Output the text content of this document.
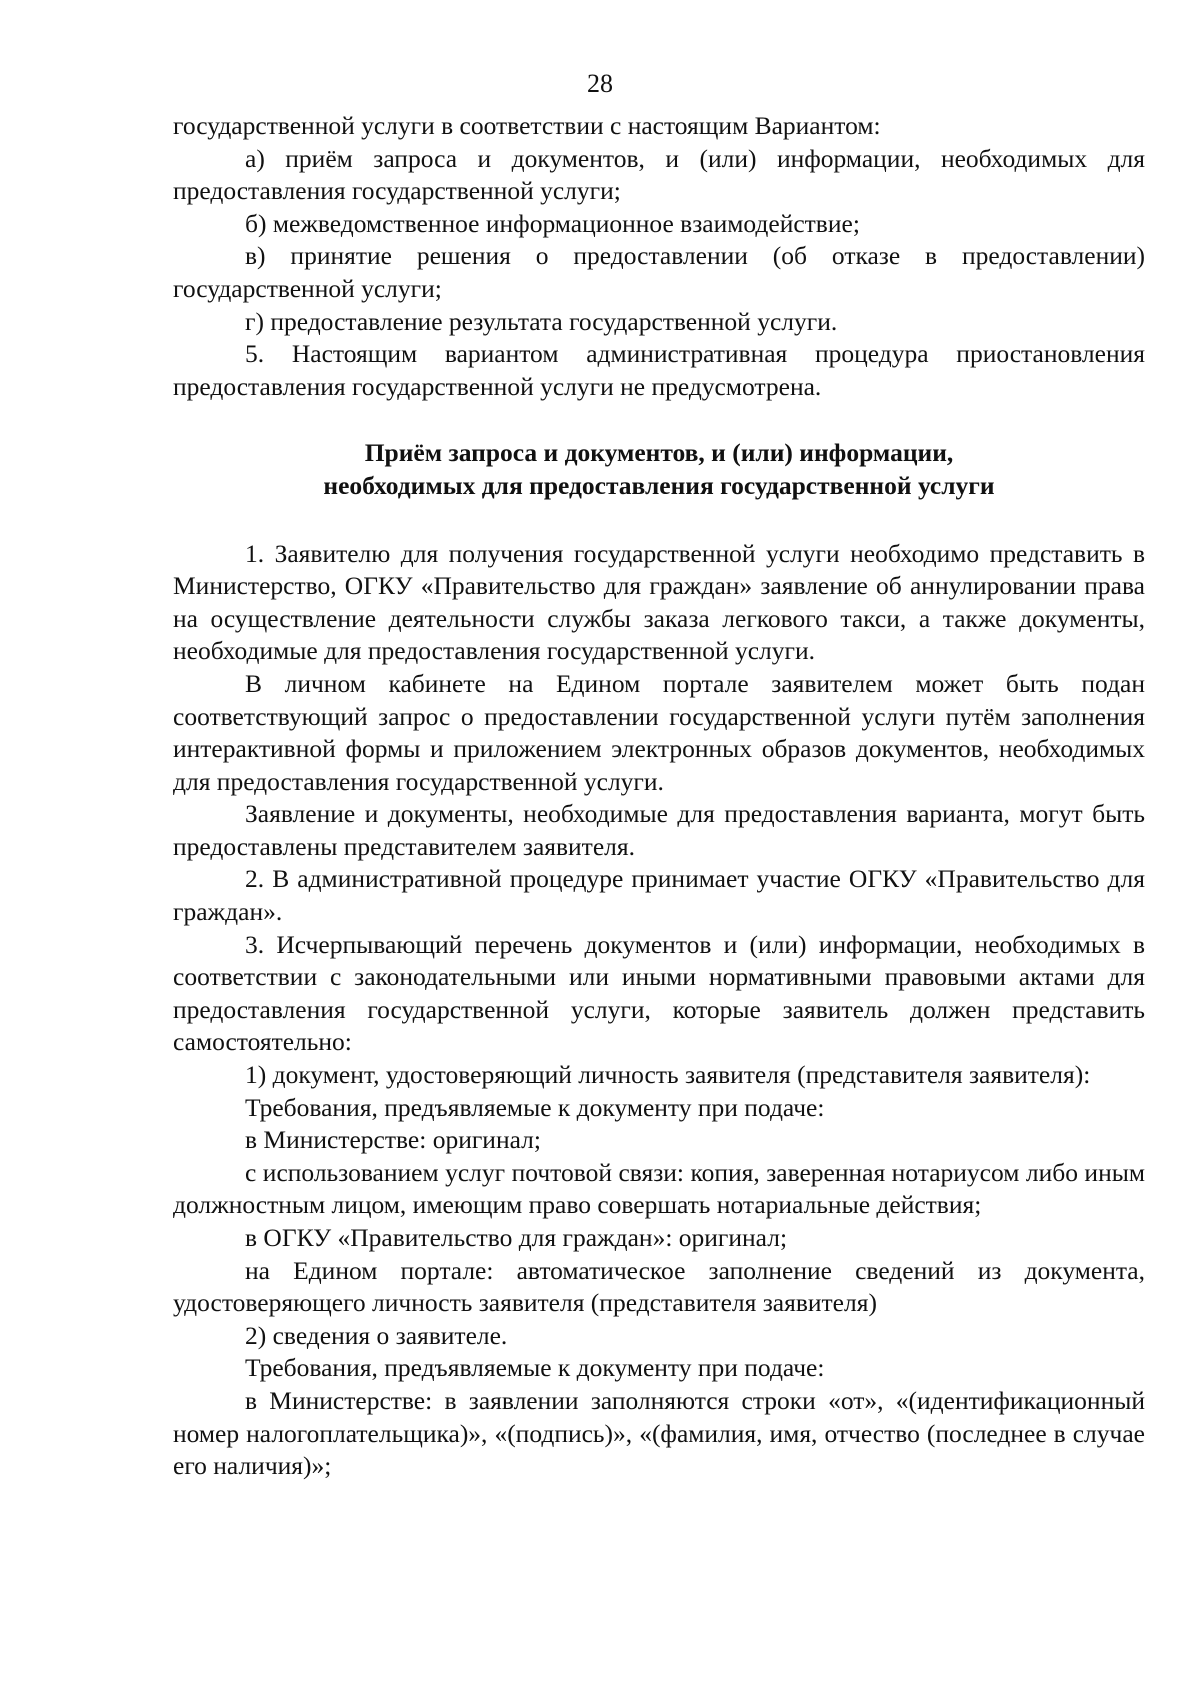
28

государственной услуги в соответствии с настоящим Вариантом:

а) приём запроса и документов, и (или) информации, необходимых для предоставления государственной услуги;

б) межведомственное информационное взаимодействие;

в) принятие решения о предоставлении (об отказе в предоставлении) государственной услуги;

г) предоставление результата государственной услуги.

5. Настоящим вариантом административная процедура приостановления предоставления государственной услуги не предусмотрена.

Приём запроса и документов, и (или) информации,
необходимых для предоставления государственной услуги

1. Заявителю для получения государственной услуги необходимо представить в Министерство, ОГКУ «Правительство для граждан» заявление об аннулировании права на осуществление деятельности службы заказа легкового такси, а также документы, необходимые для предоставления государственной услуги.

В личном кабинете на Едином портале заявителем может быть подан соответствующий запрос о предоставлении государственной услуги путём заполнения интерактивной формы и приложением электронных образов документов, необходимых для предоставления государственной услуги.

Заявление и документы, необходимые для предоставления варианта, могут быть предоставлены представителем заявителя.

2. В административной процедуре принимает участие ОГКУ «Правительство для граждан».

3. Исчерпывающий перечень документов и (или) информации, необходимых в соответствии с законодательными или иными нормативными правовыми актами для предоставления государственной услуги, которые заявитель должен представить самостоятельно:

1) документ, удостоверяющий личность заявителя (представителя заявителя):

Требования, предъявляемые к документу при подаче:

в Министерстве: оригинал;

с использованием услуг почтовой связи: копия, заверенная нотариусом либо иным должностным лицом, имеющим право совершать нотариальные действия;

в ОГКУ «Правительство для граждан»: оригинал;

на Едином портале: автоматическое заполнение сведений из документа, удостоверяющего личность заявителя (представителя заявителя)

2) сведения о заявителе.

Требования, предъявляемые к документу при подаче:

в Министерстве: в заявлении заполняются строки «от», «(идентификационный номер налогоплательщика)», «(подпись)», «(фамилия, имя, отчество (последнее в случае его наличия)»;
